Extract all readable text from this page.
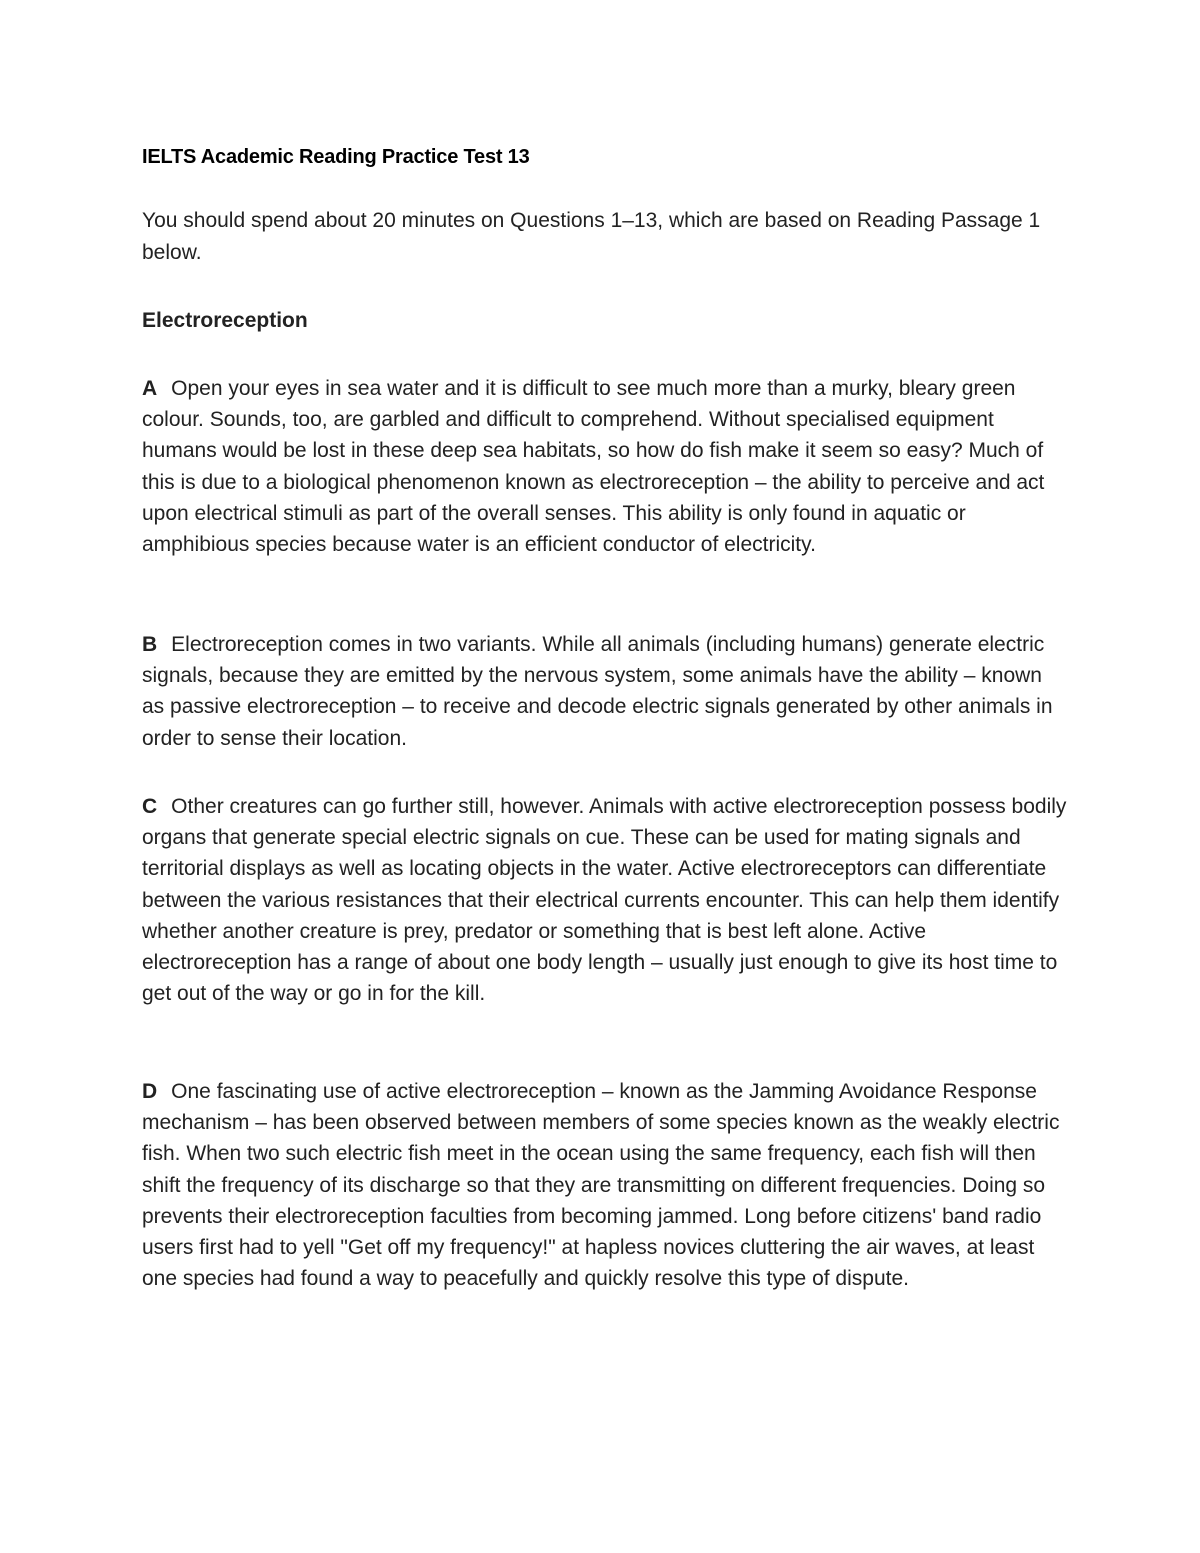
IELTS Academic Reading Practice Test 13

You should spend about 20 minutes on Questions 1–13, which are based on Reading Passage 1 below.

Electroreception

A Open your eyes in sea water and it is difficult to see much more than a murky, bleary green colour. Sounds, too, are garbled and difficult to comprehend. Without specialised equipment humans would be lost in these deep sea habitats, so how do fish make it seem so easy? Much of this is due to a biological phenomenon known as electroreception – the ability to perceive and act upon electrical stimuli as part of the overall senses. This ability is only found in aquatic or amphibious species because water is an efficient conductor of electricity.

B Electroreception comes in two variants. While all animals (including humans) generate electric signals, because they are emitted by the nervous system, some animals have the ability – known as passive electroreception – to receive and decode electric signals generated by other animals in order to sense their location.

C Other creatures can go further still, however. Animals with active electroreception possess bodily organs that generate special electric signals on cue. These can be used for mating signals and territorial displays as well as locating objects in the water. Active electroreceptors can differentiate between the various resistances that their electrical currents encounter. This can help them identify whether another creature is prey, predator or something that is best left alone. Active electroreception has a range of about one body length – usually just enough to give its host time to get out of the way or go in for the kill.

D One fascinating use of active electroreception – known as the Jamming Avoidance Response mechanism – has been observed between members of some species known as the weakly electric fish. When two such electric fish meet in the ocean using the same frequency, each fish will then shift the frequency of its discharge so that they are transmitting on different frequencies. Doing so prevents their electroreception faculties from becoming jammed. Long before citizens' band radio users first had to yell "Get off my frequency!" at hapless novices cluttering the air waves, at least one species had found a way to peacefully and quickly resolve this type of dispute.
